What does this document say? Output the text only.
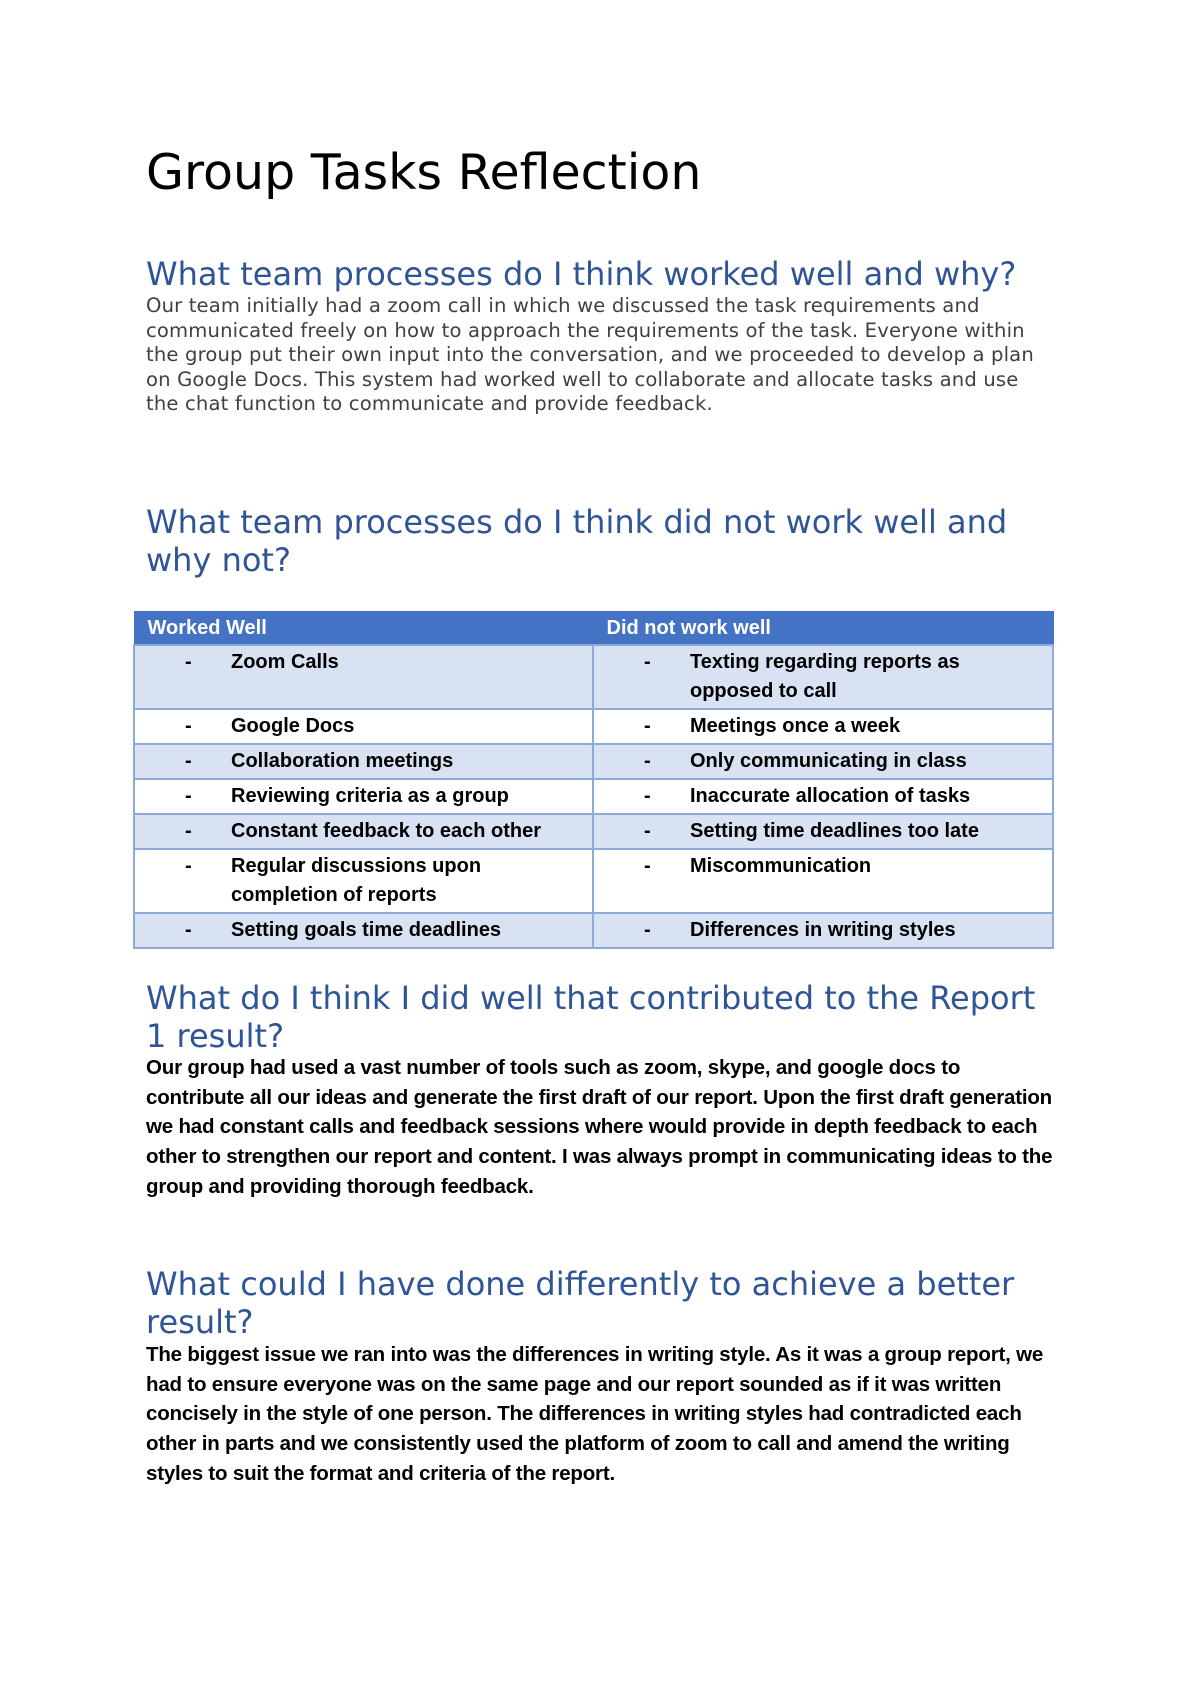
Group Tasks Reflection
What team processes do I think worked well and why?

Our team initially had a zoom call in which we discussed the task requirements and communicated freely on how to approach the requirements of the task. Everyone within the group put their own input into the conversation, and we proceeded to develop a plan on Google Docs. This system had worked well to collaborate and allocate tasks and use the chat function to communicate and provide feedback.

What team processes do I think did not work well and why not?
Worked Well	Did not work well

- Zoom Calls	- Texting regarding reports as opposed to call

- Google Docs	- Meetings once a week

- Collaboration meetings	- Only communicating in class

- Reviewing criteria as a group	- Inaccurate allocation of tasks

- Constant feedback to each other	- Setting time deadlines too late

- Regular discussions upon completion of reports	- Miscommunication

- Setting goals time deadlines	- Differences in writing styles
What do I think I did well that contributed to the Report 1 result?

Our group had used a vast number of tools such as zoom, skype, and google docs to contribute all our ideas and generate the first draft of our report. Upon the first draft generation we had constant calls and feedback sessions where would provide in depth feedback to each other to strengthen our report and content. I was always prompt in communicating ideas to the group and providing thorough feedback.

What could I have done differently to achieve a better result?

The biggest issue we ran into was the differences in writing style. As it was a group report, we had to ensure everyone was on the same page and our report sounded as if it was written concisely in the style of one person. The differences in writing styles had contradicted each other in parts and we consistently used the platform of zoom to call and amend the writing styles to suit the format and criteria of the report.
